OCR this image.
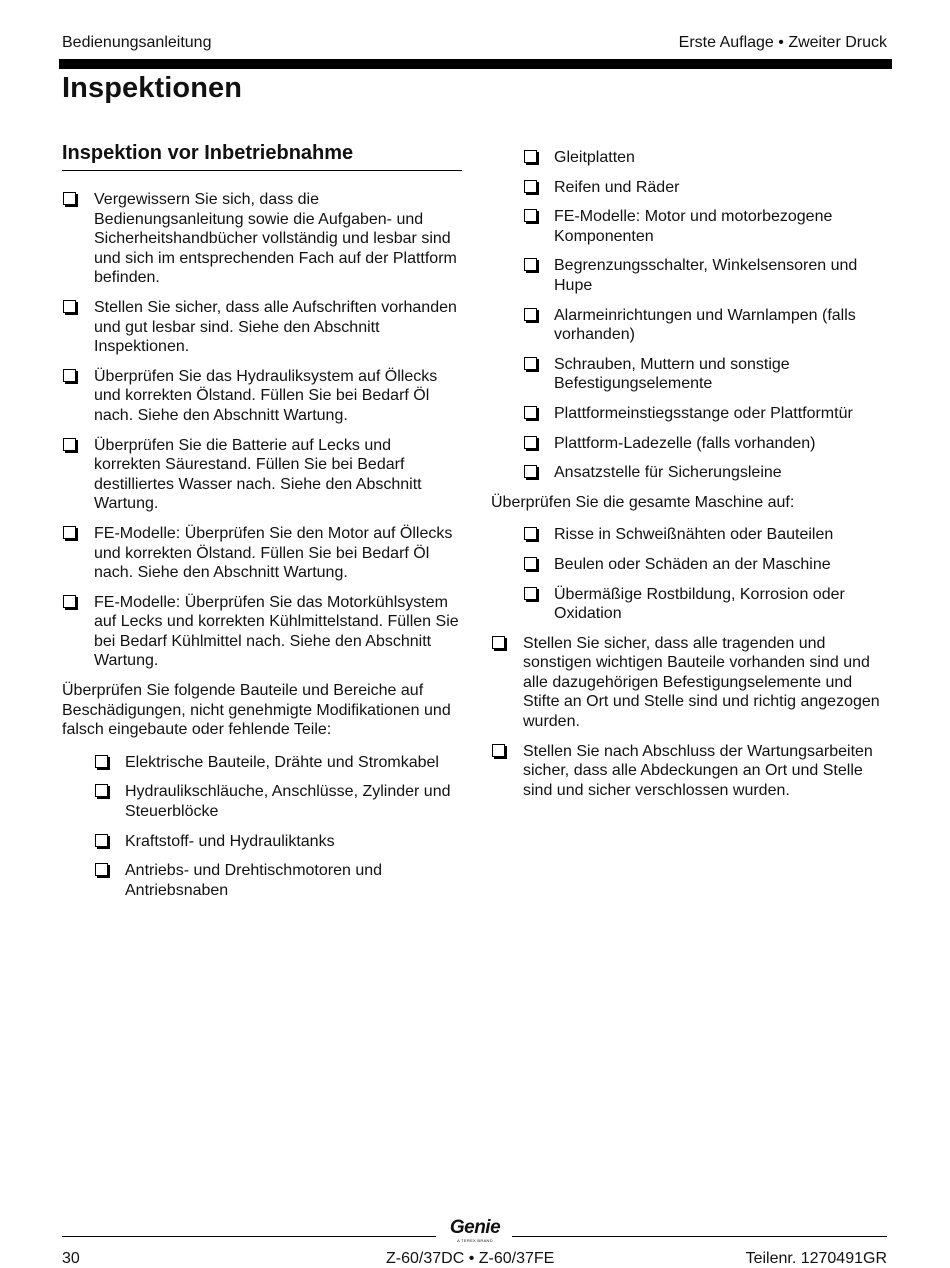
Bedienungsanleitung	Erste Auflage • Zweiter Druck
Inspektionen
Inspektion vor Inbetriebnahme
Vergewissern Sie sich, dass die Bedienungsanleitung sowie die Aufgaben- und Sicherheitshandbücher vollständig und lesbar sind und sich im entsprechenden Fach auf der Plattform befinden.
Stellen Sie sicher, dass alle Aufschriften vorhanden und gut lesbar sind. Siehe den Abschnitt Inspektionen.
Überprüfen Sie das Hydrauliksystem auf Öllecks und korrekten Ölstand. Füllen Sie bei Bedarf Öl nach. Siehe den Abschnitt Wartung.
Überprüfen Sie die Batterie auf Lecks und korrekten Säurestand. Füllen Sie bei Bedarf destilliertes Wasser nach. Siehe den Abschnitt Wartung.
FE-Modelle: Überprüfen Sie den Motor auf Öllecks und korrekten Ölstand. Füllen Sie bei Bedarf Öl nach. Siehe den Abschnitt Wartung.
FE-Modelle: Überprüfen Sie das Motorkühlsystem auf Lecks und korrekten Kühlmittelstand. Füllen Sie bei Bedarf Kühlmittel nach. Siehe den Abschnitt Wartung.
Überprüfen Sie folgende Bauteile und Bereiche auf Beschädigungen, nicht genehmigte Modifikationen und falsch eingebaute oder fehlende Teile:
Elektrische Bauteile, Drähte und Stromkabel
Hydraulikschläuche, Anschlüsse, Zylinder und Steuerblöcke
Kraftstoff- und Hydrauliktanks
Antriebs- und Drehtischmotoren und Antriebsnaben
Gleitplatten
Reifen und Räder
FE-Modelle: Motor und motorbezogene Komponenten
Begrenzungsschalter, Winkelsensoren und Hupe
Alarmeinrichtungen und Warnlampen (falls vorhanden)
Schrauben, Muttern und sonstige Befestigungselemente
Plattformeinstiegsstange oder Plattformtür
Plattform-Ladezelle (falls vorhanden)
Ansatzstelle für Sicherungsleine
Überprüfen Sie die gesamte Maschine auf:
Risse in Schweißnähten oder Bauteilen
Beulen oder Schäden an der Maschine
Übermäßige Rostbildung, Korrosion oder Oxidation
Stellen Sie sicher, dass alle tragenden und sonstigen wichtigen Bauteile vorhanden sind und alle dazugehörigen Befestigungselemente und Stifte an Ort und Stelle sind und richtig angezogen wurden.
Stellen Sie nach Abschluss der Wartungsarbeiten sicher, dass alle Abdeckungen an Ort und Stelle sind und sicher verschlossen wurden.
Genie
A TEREX BRAND
30	Z-60/37DC • Z-60/37FE	Teilenr. 1270491GR
